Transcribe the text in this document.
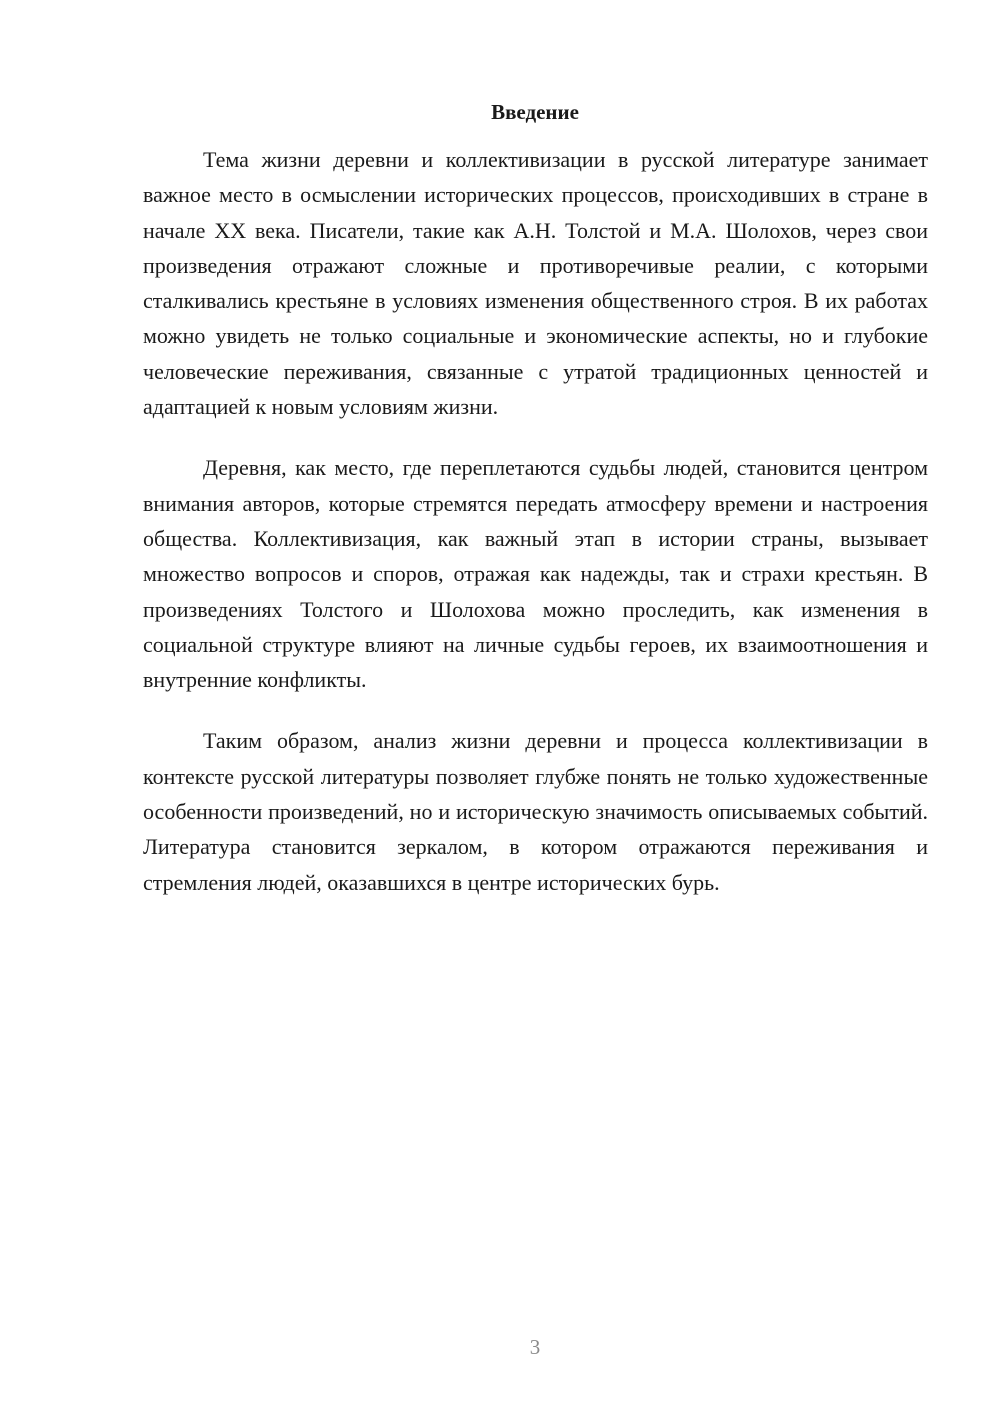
Введение

Тема жизни деревни и коллективизации в русской литературе занимает важное место в осмыслении исторических процессов, происходивших в стране в начале XX века. Писатели, такие как А.Н. Толстой и М.А. Шолохов, через свои произведения отражают сложные и противоречивые реалии, с которыми сталкивались крестьяне в условиях изменения общественного строя. В их работах можно увидеть не только социальные и экономические аспекты, но и глубокие человеческие переживания, связанные с утратой традиционных ценностей и адаптацией к новым условиям жизни.

Деревня, как место, где переплетаются судьбы людей, становится центром внимания авторов, которые стремятся передать атмосферу времени и настроения общества. Коллективизация, как важный этап в истории страны, вызывает множество вопросов и споров, отражая как надежды, так и страхи крестьян. В произведениях Толстого и Шолохова можно проследить, как изменения в социальной структуре влияют на личные судьбы героев, их взаимоотношения и внутренние конфликты.

Таким образом, анализ жизни деревни и процесса коллективизации в контексте русской литературы позволяет глубже понять не только художественные особенности произведений, но и историческую значимость описываемых событий. Литература становится зеркалом, в котором отражаются переживания и стремления людей, оказавшихся в центре исторических бурь.

3
